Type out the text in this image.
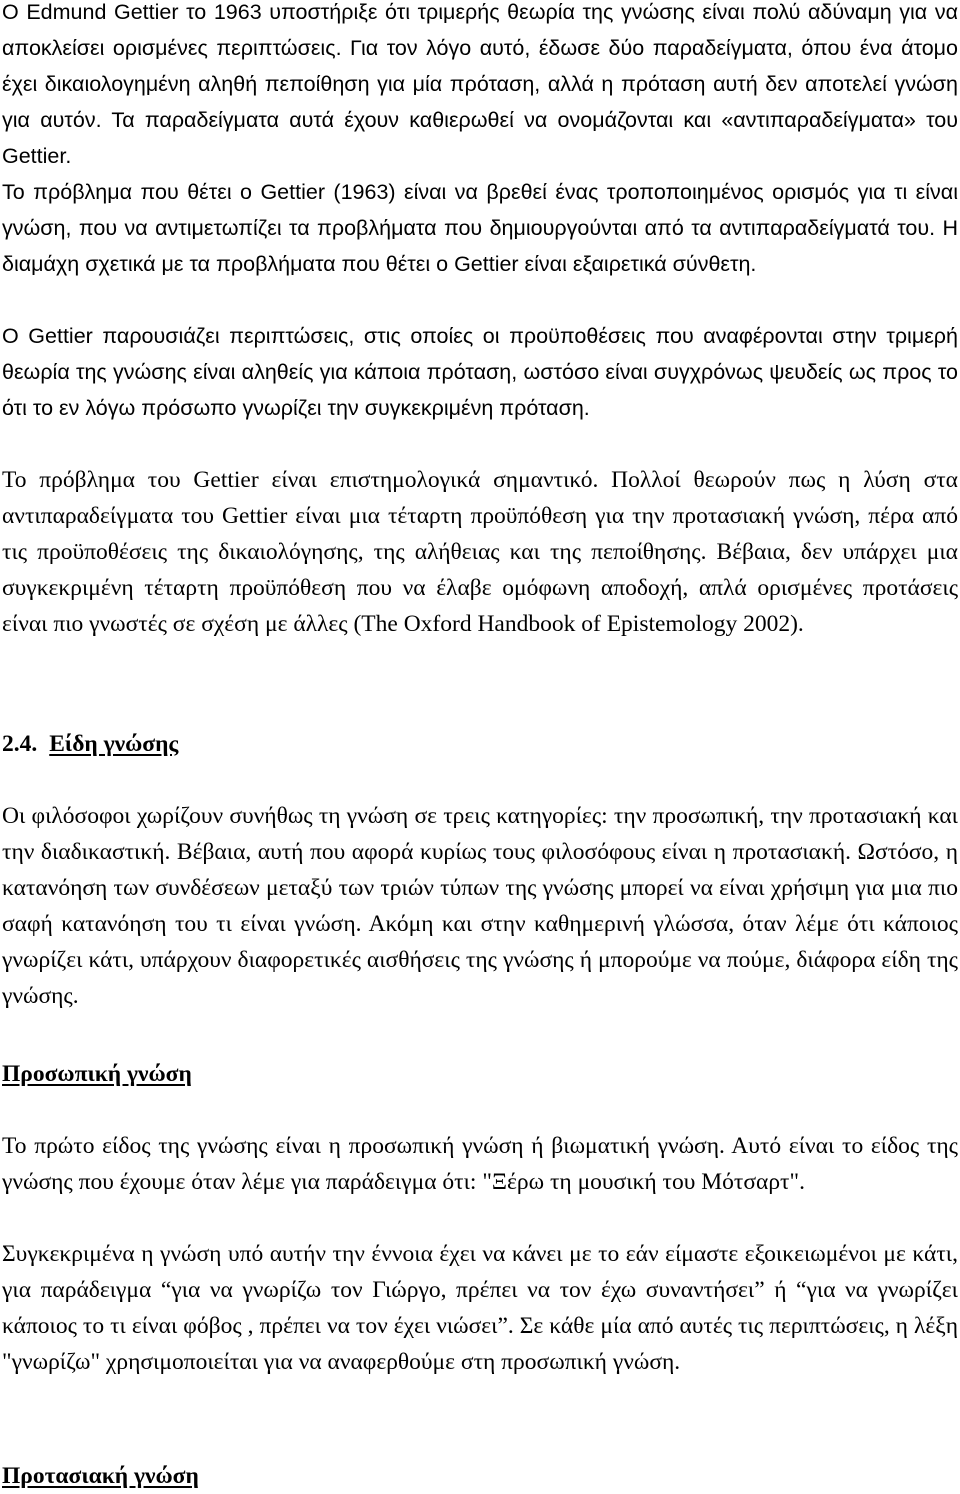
O Edmund Gettier το 1963 υποστήριξε ότι τριμερής θεωρία της γνώσης είναι πολύ αδύναμη για να αποκλείσει ορισμένες περιπτώσεις. Για τον λόγο αυτό, έδωσε δύο παραδείγματα, όπου ένα άτομο έχει δικαιολογημένη αληθή πεποίθηση για μία πρόταση, αλλά η πρόταση αυτή δεν αποτελεί γνώση για αυτόν. Τα παραδείγματα αυτά έχουν καθιερωθεί να ονομάζονται και «αντιπαραδείγματα» του Gettier.

Το πρόβλημα που θέτει ο Gettier (1963) είναι να βρεθεί ένας τροποποιημένος ορισμός για τι είναι γνώση, που να αντιμετωπίζει τα προβλήματα που δημιουργούνται από τα αντιπαραδείγματά του. Η διαμάχη σχετικά με τα προβλήματα που θέτει ο Gettier είναι εξαιρετικά σύνθετη.

O Gettier παρουσιάζει περιπτώσεις, στις οποίες οι προϋποθέσεις που αναφέρονται στην τριμερή θεωρία της γνώσης είναι αληθείς για κάποια πρόταση, ωστόσο είναι συγχρόνως ψευδείς ως προς το ότι το εν λόγω πρόσωπο γνωρίζει την συγκεκριμένη πρόταση.

Το πρόβλημα του Gettier είναι επιστημολογικά σημαντικό. Πολλοί θεωρούν πως η λύση στα αντιπαραδείγματα του Gettier είναι μια τέταρτη προϋπόθεση για την προτασιακή γνώση, πέρα από τις προϋποθέσεις της δικαιολόγησης, της αλήθειας και της πεποίθησης. Βέβαια, δεν υπάρχει μια συγκεκριμένη τέταρτη προϋπόθεση που να έλαβε ομόφωνη αποδοχή, απλά ορισμένες προτάσεις είναι πιο γνωστές σε σχέση με άλλες (The Oxford Handbook of Epistemology 2002).

2.4. Είδη γνώσης

Οι φιλόσοφοι χωρίζουν συνήθως τη γνώση σε τρεις κατηγορίες: την προσωπική, την προτασιακή και την διαδικαστική. Βέβαια, αυτή που αφορά κυρίως τους φιλοσόφους είναι η προτασιακή. Ωστόσο, η κατανόηση των συνδέσεων μεταξύ των τριών τύπων της γνώσης μπορεί να είναι χρήσιμη για μια πιο σαφή κατανόηση του τι είναι γνώση. Ακόμη και στην καθημερινή γλώσσα, όταν λέμε ότι κάποιος γνωρίζει κάτι, υπάρχουν διαφορετικές αισθήσεις της γνώσης ή μπορούμε να πούμε, διάφορα είδη της γνώσης.

Προσωπική γνώση

Το πρώτο είδος της γνώσης είναι η προσωπική γνώση ή βιωματική γνώση. Αυτό είναι το είδος της γνώσης που έχουμε όταν λέμε για παράδειγμα ότι: "Ξέρω τη μουσική του Μότσαρτ".

Συγκεκριμένα η γνώση υπό αυτήν την έννοια έχει να κάνει με το εάν είμαστε εξοικειωμένοι με κάτι, για παράδειγμα “για να γνωρίζω τον Γιώργο, πρέπει να τον έχω συναντήσει” ή “για να γνωρίζει κάποιος το τι είναι φόβος , πρέπει να τον έχει νιώσει”. Σε κάθε μία από αυτές τις περιπτώσεις, η λέξη "γνωρίζω" χρησιμοποιείται για να αναφερθούμε στη προσωπική γνώση.

Προτασιακή γνώση
